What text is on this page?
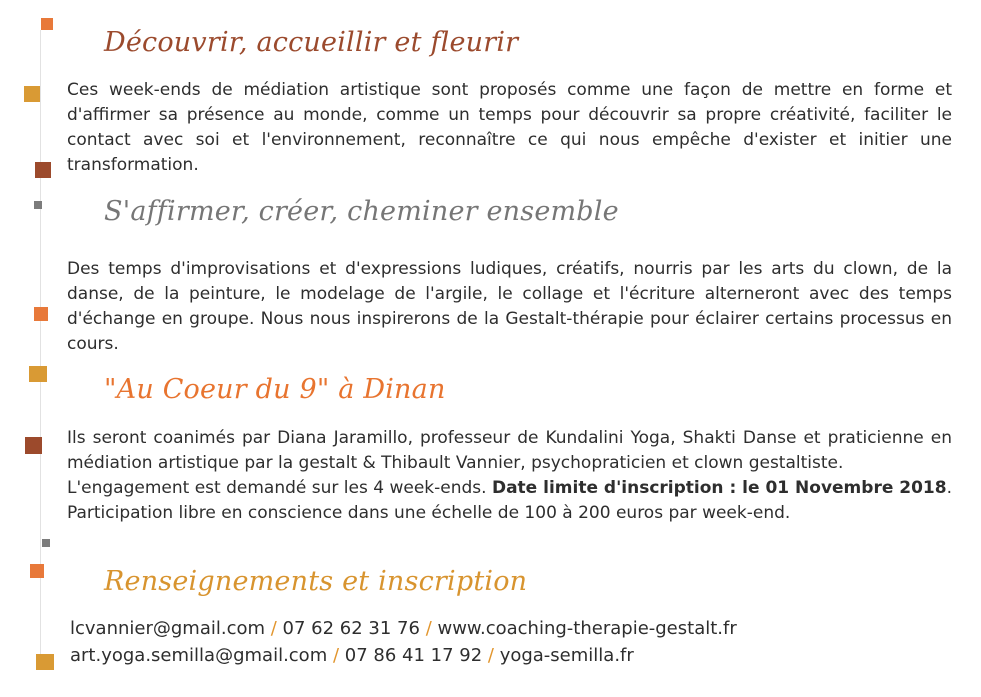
Découvrir, accueillir et fleurir
Ces week-ends de médiation artistique sont proposés comme une façon de mettre en forme et d'affirmer sa présence au monde, comme un temps pour découvrir sa propre créativité, faciliter le contact avec soi et l'environnement, reconnaître ce qui nous empêche d'exister et initier une transformation.
S'affirmer, créer, cheminer ensemble
Des temps d'improvisations et d'expressions ludiques, créatifs, nourris par les arts du clown, de la danse, de la peinture, le modelage de l'argile, le collage et l'écriture alterneront avec des temps d'échange en groupe. Nous nous inspirerons de la Gestalt-thérapie pour éclairer certains processus en cours.
"Au Coeur du 9" à Dinan
Ils seront coanimés par Diana Jaramillo, professeur de Kundalini Yoga, Shakti Danse et praticienne en médiation artistique par la gestalt & Thibault Vannier, psychopraticien et clown gestaltiste.
L'engagement est demandé sur les 4 week-ends. Date limite d'inscription : le 01 Novembre 2018. Participation libre en conscience dans une échelle de 100 à 200 euros par week-end.
Renseignements et inscription
lcvannier@gmail.com / 07 62 62 31 76 / www.coaching-therapie-gestalt.fr
art.yoga.semilla@gmail.com / 07 86 41 17 92 / yoga-semilla.fr
